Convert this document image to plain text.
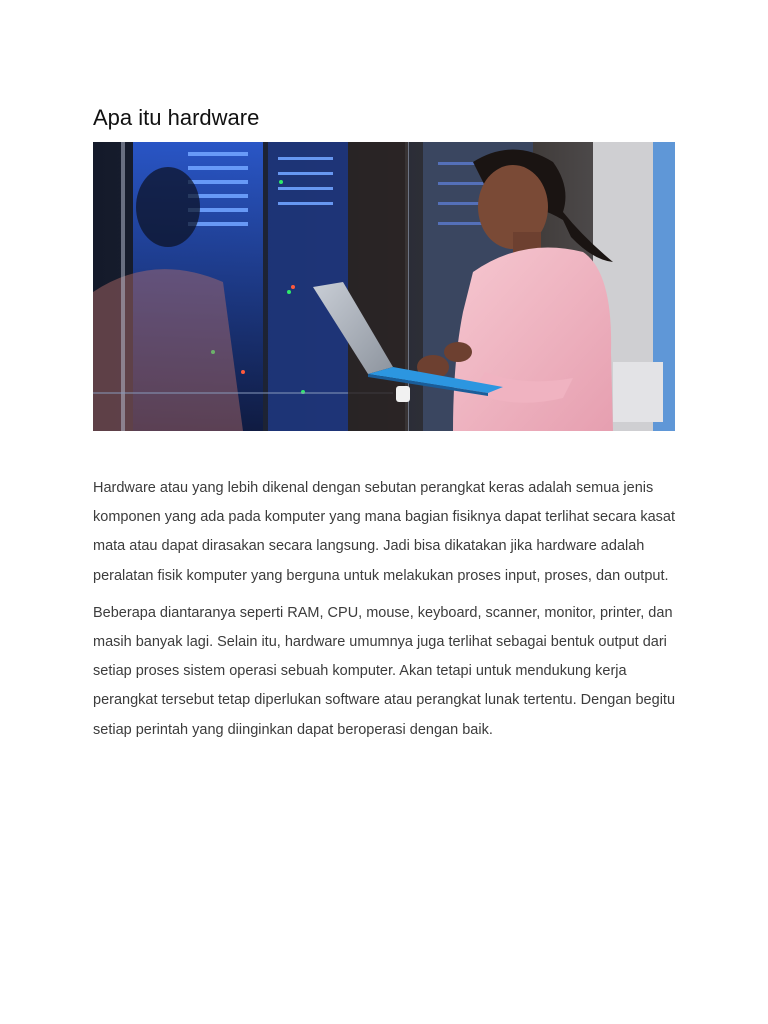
Apa itu hardware

Hardware atau yang lebih dikenal dengan sebutan perangkat keras adalah semua jenis komponen yang ada pada komputer yang mana bagian fisiknya dapat terlihat secara kasat mata atau dapat dirasakan secara langsung. Jadi bisa dikatakan jika hardware adalah peralatan fisik komputer yang berguna untuk melakukan proses input, proses, dan output.

Beberapa diantaranya seperti RAM, CPU, mouse, keyboard, scanner, monitor, printer, dan masih banyak lagi. Selain itu, hardware umumnya juga terlihat sebagai bentuk output dari setiap proses sistem operasi sebuah komputer. Akan tetapi untuk mendukung kerja perangkat tersebut tetap diperlukan software atau perangkat lunak tertentu. Dengan begitu setiap perintah yang diinginkan dapat beroperasi dengan baik.
